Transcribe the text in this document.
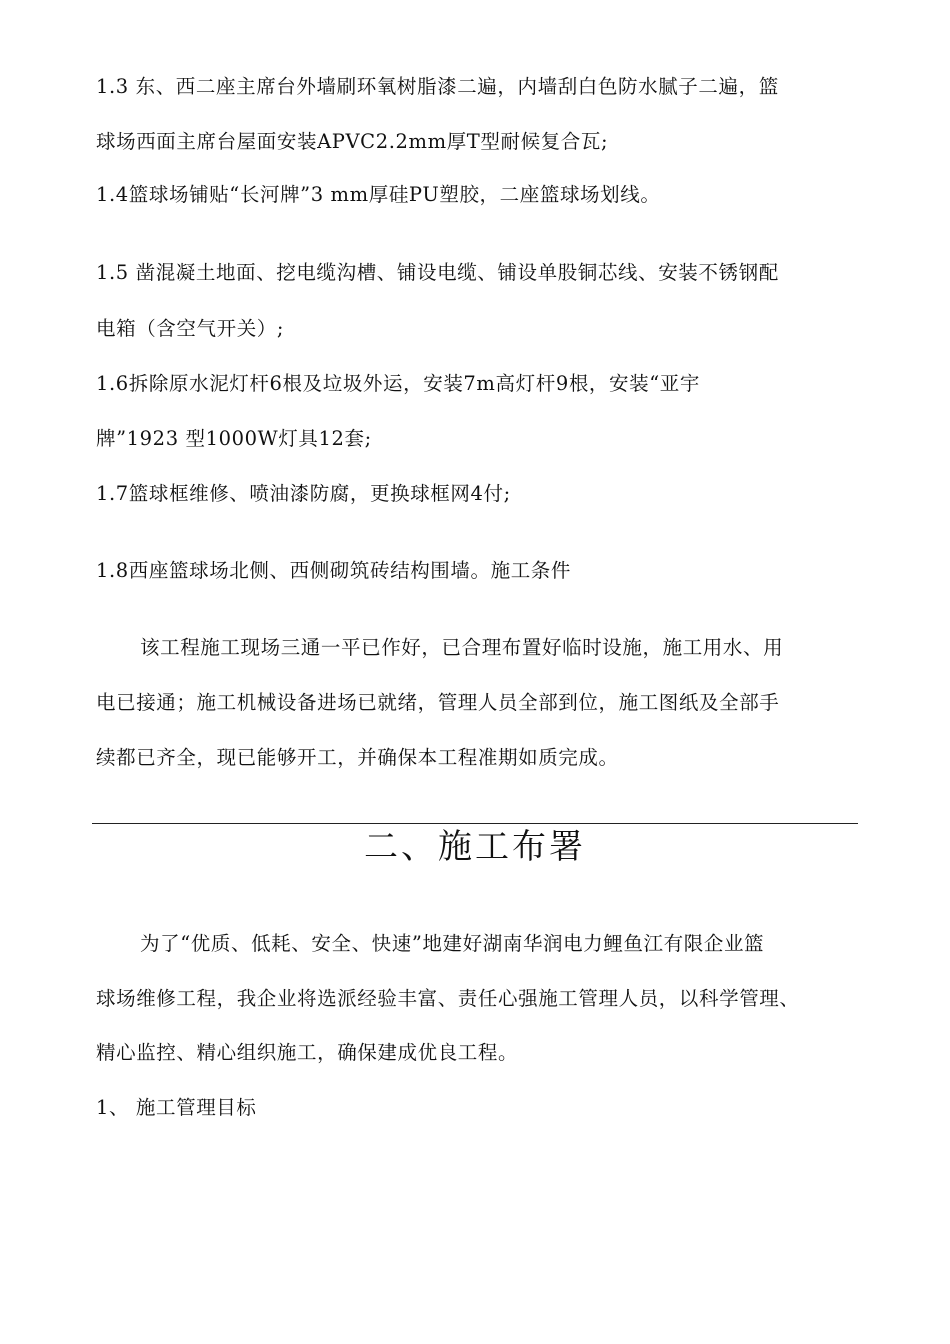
1.3 东、西二座主席台外墙刷环氧树脂漆二遍，内墙刮白色防水腻子二遍，篮
球场西面主席台屋面安装APVC2.2mm厚T型耐候复合瓦;
1.4篮球场铺贴“长河牌”3 mm厚硅PU塑胶，二座篮球场划线。
1.5 凿混凝土地面、挖电缆沟槽、铺设电缆、铺设单股铜芯线、安装不锈钢配
电箱（含空气开关）;
1.6拆除原水泥灯杆6根及垃圾外运，安装7m高灯杆9根，安装“亚宇
牌”1923 型1000W灯具12套;
1.7篮球框维修、喷油漆防腐，更换球框网4付;
1.8西座篮球场北侧、西侧砌筑砖结构围墙。施工条件
该工程施工现场三通一平已作好，已合理布置好临时设施，施工用水、用
电已接通；施工机械设备进场已就绪，管理人员全部到位，施工图纸及全部手
续都已齐全，现已能够开工，并确保本工程准期如质完成。
二、施工布署
为了“优质、低耗、安全、快速”地建好湖南华润电力鲤鱼江有限企业篮
球场维修工程，我企业将选派经验丰富、责任心强施工管理人员，以科学管理、
精心监控、精心组织施工，确保建成优良工程。
1、 施工管理目标
